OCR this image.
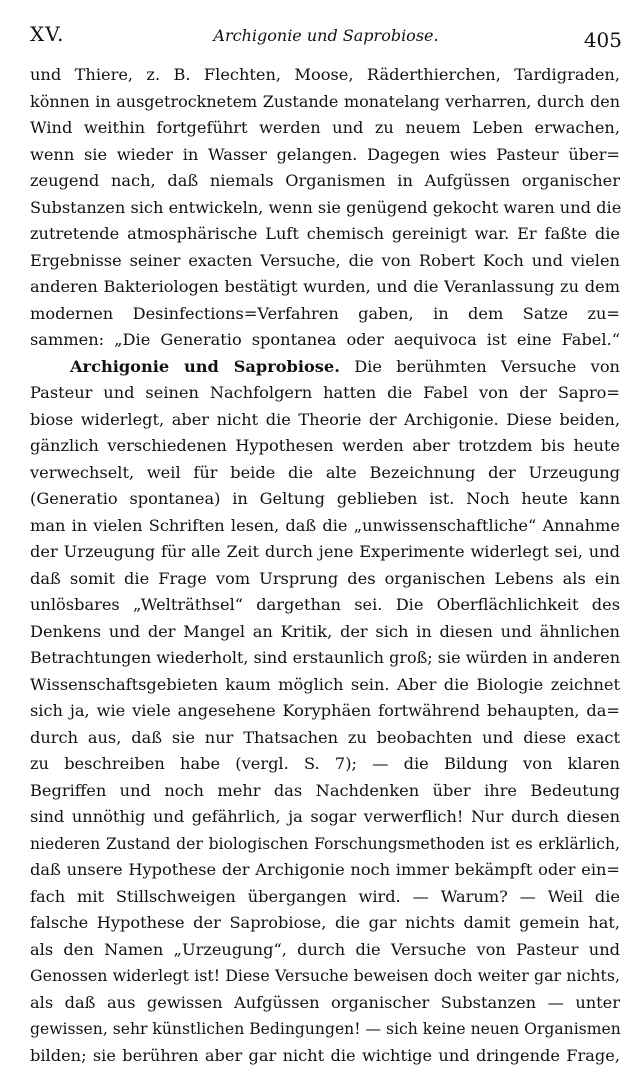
XV.	Archigonie und Saprobiose.	405
und Thiere, z. B. Flechten, Moose, Räderthierchen, Tardigraden,
können in ausgetrocknetem Zustande monatelang verharren, durch den
Wind weithin fortgeführt werden und zu neuem Leben erwachen,
wenn sie wieder in Wasser gelangen. Dagegen wies Pasteur über=
zeugend nach, daß niemals Organismen in Aufgüssen organischer
Substanzen sich entwickeln, wenn sie genügend gekocht waren und die
zutretende atmosphärische Luft chemisch gereinigt war. Er faßte die
Ergebnisse seiner exacten Versuche, die von Robert Koch und vielen
anderen Bakteriologen bestätigt wurden, und die Veranlassung zu dem
modernen Desinfections=Verfahren gaben, in dem Satze zu=
sammen: „Die Generatio spontanea oder aequivoca ist eine Fabel.“
Archigonie und Saprobiose. Die berühmten Versuche von
Pasteur und seinen Nachfolgern hatten die Fabel von der Sapro=
biose widerlegt, aber nicht die Theorie der Archigonie. Diese beiden,
gänzlich verschiedenen Hypothesen werden aber trotzdem bis heute
verwechselt, weil für beide die alte Bezeichnung der Urzeugung
(Generatio spontanea) in Geltung geblieben ist. Noch heute kann
man in vielen Schriften lesen, daß die „unwissenschaftliche“ Annahme
der Urzeugung für alle Zeit durch jene Experimente widerlegt sei, und
daß somit die Frage vom Ursprung des organischen Lebens als ein
unlösbares „Welträthsel“ dargethan sei. Die Oberflächlichkeit des
Denkens und der Mangel an Kritik, der sich in diesen und ähnlichen
Betrachtungen wiederholt, sind erstaunlich groß; sie würden in anderen
Wissenschaftsgebieten kaum möglich sein. Aber die Biologie zeichnet
sich ja, wie viele angesehene Koryphäen fortwährend behaupten, da=
durch aus, daß sie nur Thatsachen zu beobachten und diese exact
zu beschreiben habe (vergl. S. 7); — die Bildung von klaren
Begriffen und noch mehr das Nachdenken über ihre Bedeutung
sind unnöthig und gefährlich, ja sogar verwerflich! Nur durch diesen
niederen Zustand der biologischen Forschungsmethoden ist es erklärlich,
daß unsere Hypothese der Archigonie noch immer bekämpft oder ein=
fach mit Stillschweigen übergangen wird. — Warum? — Weil die
falsche Hypothese der Saprobiose, die gar nichts damit gemein hat,
als den Namen „Urzeugung“, durch die Versuche von Pasteur und
Genossen widerlegt ist! Diese Versuche beweisen doch weiter gar nichts,
als daß aus gewissen Aufgüssen organischer Substanzen — unter
gewissen, sehr künstlichen Bedingungen! — sich keine neuen Organismen
bilden; sie berühren aber gar nicht die wichtige und dringende Frage,
